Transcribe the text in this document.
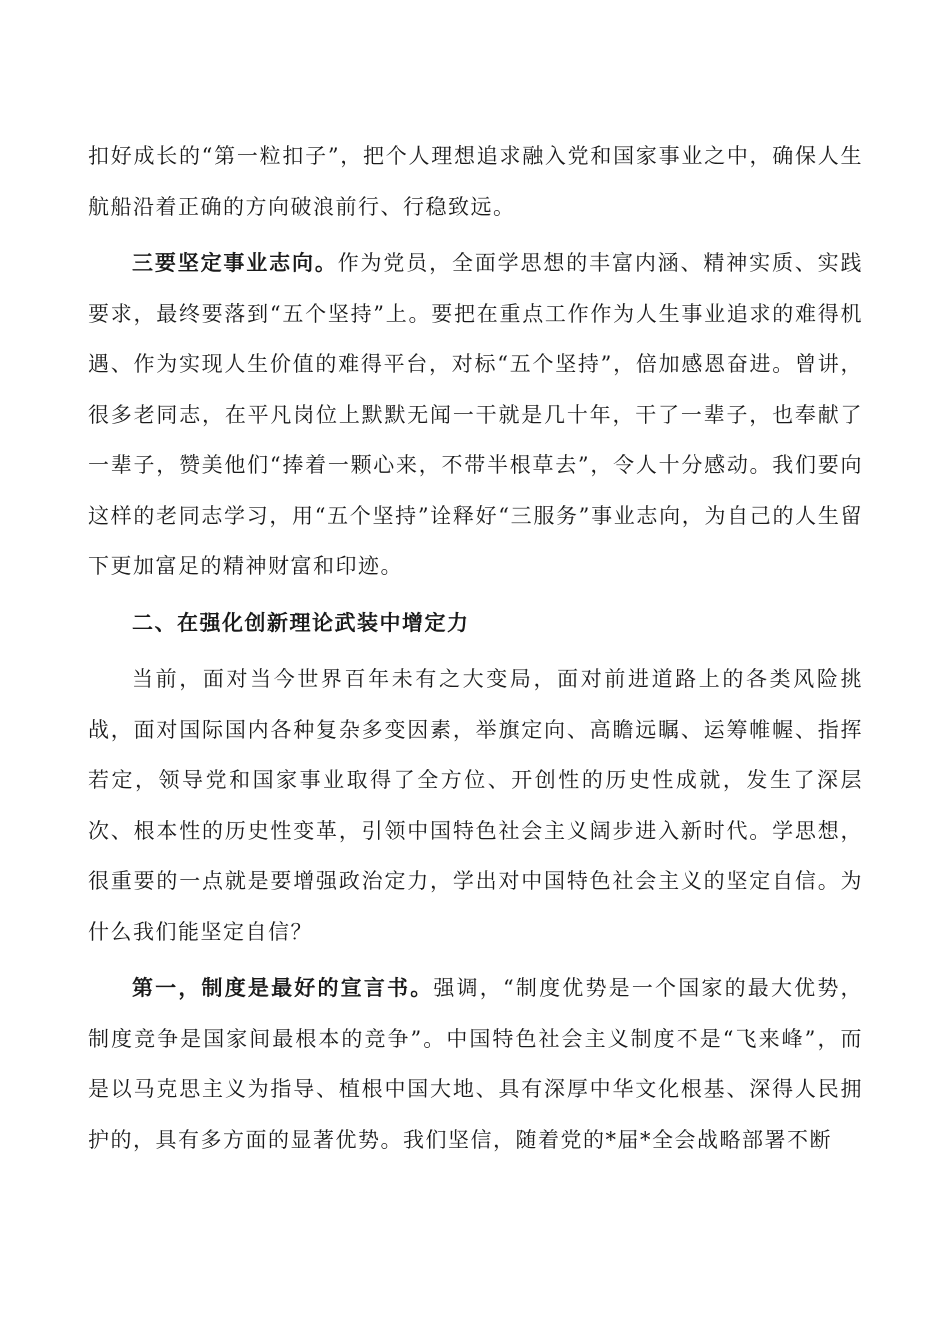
扣好成长的“第一粒扣子”，把个人理想追求融入党和国家事业之中，确保人生航船沿着正确的方向破浪前行、行稳致远。

三要坚定事业志向。作为党员，全面学思想的丰富内涵、精神实质、实践要求，最终要落到“五个坚持”上。要把在重点工作作为人生事业追求的难得机遇、作为实现人生价值的难得平台，对标“五个坚持”，倍加感恩奋进。曾讲，很多老同志，在平凡岗位上默默无闻一干就是几十年，干了一辈子，也奉献了一辈子，赞美他们“捧着一颗心来，不带半根草去”，令人十分感动。我们要向这样的老同志学习，用“五个坚持”诠释好“三服务”事业志向，为自己的人生留下更加富足的精神财富和印迹。

二、在强化创新理论武装中增定力

当前，面对当今世界百年未有之大变局，面对前进道路上的各类风险挑战，面对国际国内各种复杂多变因素，举旗定向、高瞻远瞩、运筹帷幄、指挥若定，领导党和国家事业取得了全方位、开创性的历史性成就，发生了深层次、根本性的历史性变革，引领中国特色社会主义阔步进入新时代。学思想，很重要的一点就是要增强政治定力，学出对中国特色社会主义的坚定自信。为什么我们能坚定自信？

第一，制度是最好的宣言书。强调，“制度优势是一个国家的最大优势，制度竞争是国家间最根本的竞争”。中国特色社会主义制度不是“飞来峰”，而是以马克思主义为指导、植根中国大地、具有深厚中华文化根基、深得人民拥护的，具有多方面的显著优势。我们坚信，随着党的*届*全会战略部署不断
